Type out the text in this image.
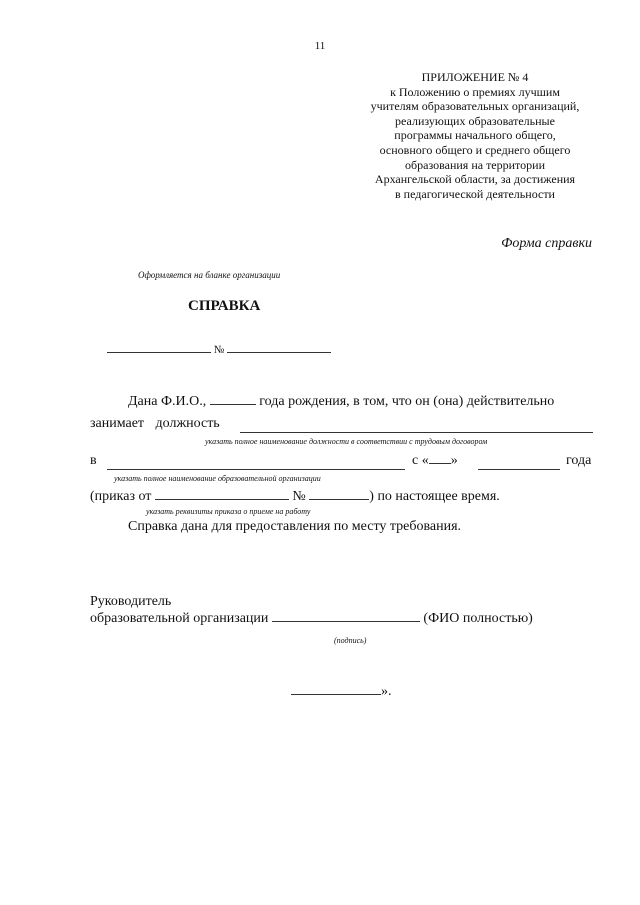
11
ПРИЛОЖЕНИЕ № 4
к Положению о премиях лучшим
учителям образовательных организаций,
реализующих образовательные
программы начального общего,
основного общего и среднего общего
образования на территории
Архангельской области, за достижения
в педагогической деятельности
Форма справки
Оформляется на бланке организации
СПРАВКА
№
Дана Ф.И.О.,	года рождения, в том, что он (она) действительно
занимает должность
указать полное наименование должности в соответствии с трудовым договором
в	с « »	года
указать полное наименование образовательной организации
(приказ от	№	) по настоящее время.
указать реквизиты приказа о приеме на работу
Справка дана для предоставления по месту требования.
Руководитель
образовательной организации	(ФИО полностью)
(подпись)
».
